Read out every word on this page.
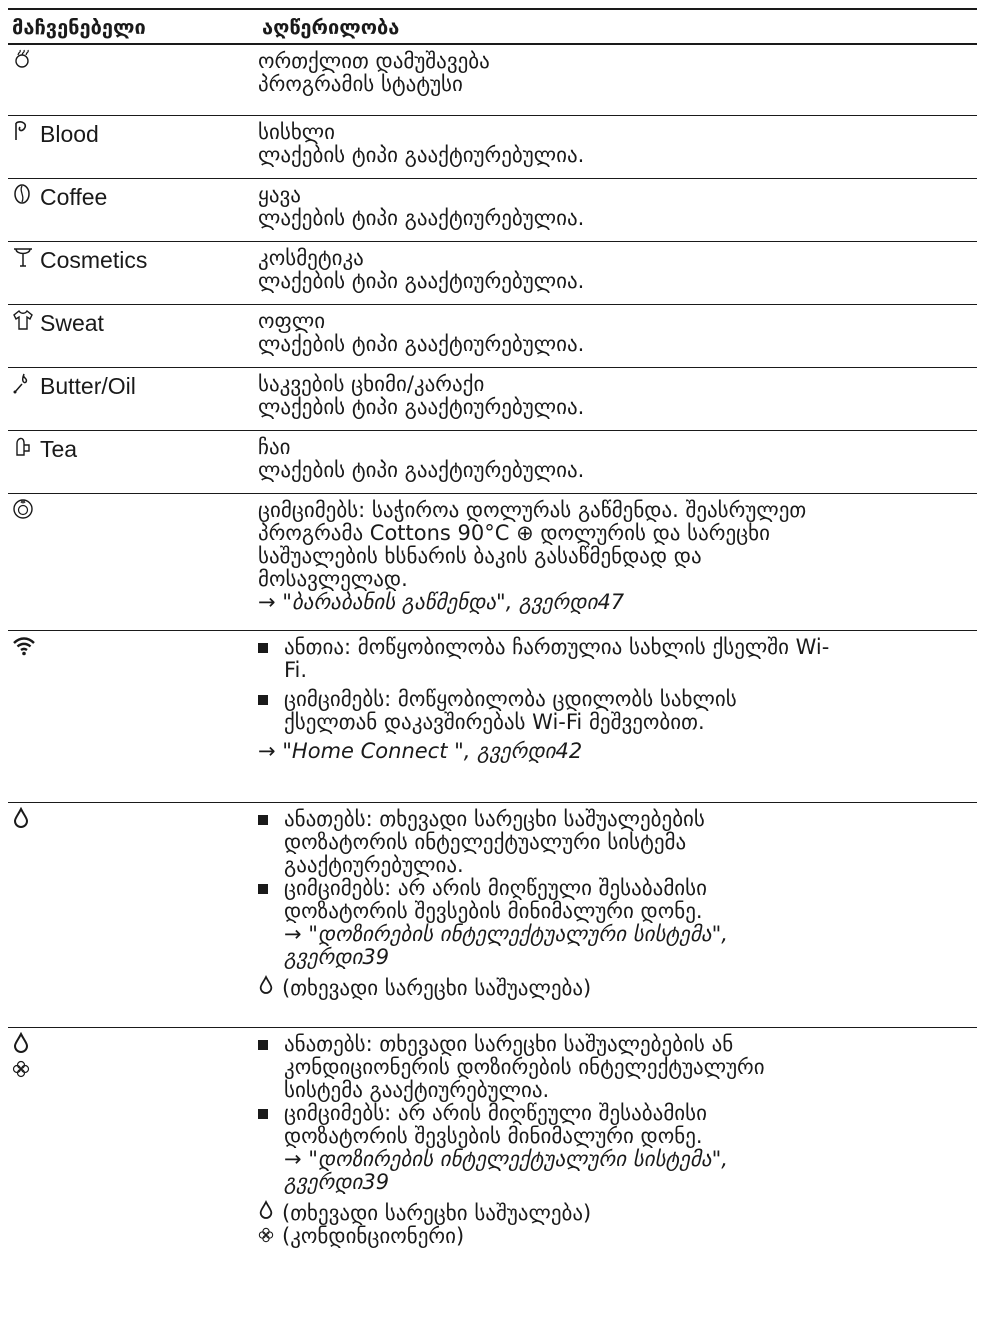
მაჩვენებელი	აღწერილობა
ორთქლით დამუშავება
პროგრამის სტატუსი
Blood	სისხლი
ლაქების ტიპი გააქტიურებულია.
Coffee	ყავა
ლაქების ტიპი გააქტიურებულია.
Cosmetics	კოსმეტიკა
ლაქების ტიპი გააქტიურებულია.
Sweat	ოფლი
ლაქების ტიპი გააქტიურებულია.
Butter/Oil	საკვების ცხიმი/კარაქი
ლაქების ტიპი გააქტიურებულია.
Tea	ჩაი
ლაქების ტიპი გააქტიურებულია.
ციმციმებს: საჭიროა დოლურას გაწმენდა. შეასრულეთ
პროგრამა Cottons 90°C ⊕ დოლურის და სარეცხი
საშუალების ხსნარის ბაკის გასაწმენდად და
მოსავლელად.
→ "ბარაბანის გაწმენდა", გვერდი47
ანთია: მოწყობილობა ჩართულია სახლის ქსელში Wi-
Fi.
ციმციმებს: მოწყობილობა ცდილობს სახლის
ქსელთან დაკავშირებას Wi-Fi მეშვეობით.
→ "Home Connect ", გვერდი42
ანათებს: თხევადი სარეცხი საშუალებების
დოზატორის ინტელექტუალური სისტემა
გააქტიურებულია.
ციმციმებს: არ არის მიღწეული შესაბამისი
დოზატორის შევსების მინიმალური დონე.
→ "დოზირების ინტელექტუალური სისტემა",
გვერდი39
(თხევადი სარეცხი საშუალება)
ანათებს: თხევადი სარეცხი საშუალებების ან
კონდიციონერის დოზირების ინტელექტუალური
სისტემა გააქტიურებულია.
ციმციმებს: არ არის მიღწეული შესაბამისი
დოზატორის შევსების მინიმალური დონე.
→ "დოზირების ინტელექტუალური სისტემა",
გვერდი39
(თხევადი სარეცხი საშუალება)
(კონდინციონერი)
